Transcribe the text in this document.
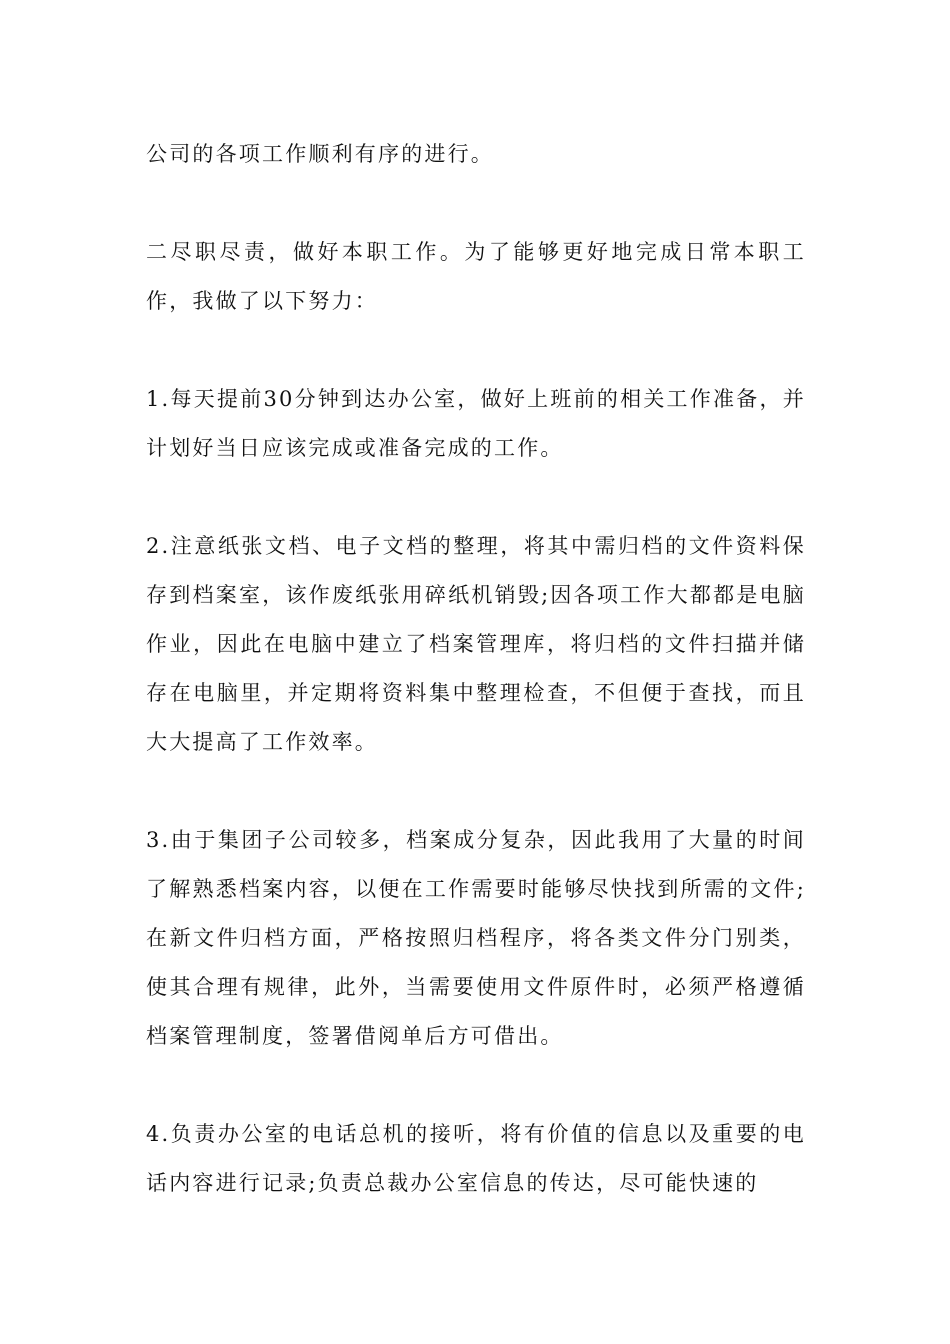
公司的各项工作顺利有序的进行。

二尽职尽责，做好本职工作。为了能够更好地完成日常本职工作，我做了以下努力：

1.每天提前30分钟到达办公室，做好上班前的相关工作准备，并计划好当日应该完成或准备完成的工作。

2.注意纸张文档、电子文档的整理，将其中需归档的文件资料保存到档案室，该作废纸张用碎纸机销毁;因各项工作大都都是电脑作业，因此在电脑中建立了档案管理库，将归档的文件扫描并储存在电脑里，并定期将资料集中整理检查，不但便于查找，而且大大提高了工作效率。

3.由于集团子公司较多，档案成分复杂，因此我用了大量的时间了解熟悉档案内容，以便在工作需要时能够尽快找到所需的文件;在新文件归档方面，严格按照归档程序，将各类文件分门别类，使其合理有规律，此外，当需要使用文件原件时，必须严格遵循档案管理制度，签署借阅单后方可借出。

4.负责办公室的电话总机的接听，将有价值的信息以及重要的电话内容进行记录;负责总裁办公室信息的传达，尽可能快速的
